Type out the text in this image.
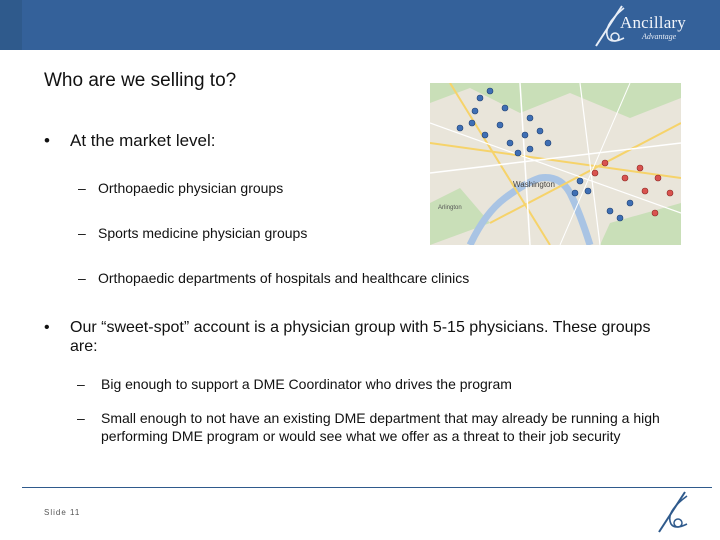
Ancillary
Advantage
Who are we selling to?
• At the market level:
– Orthopaedic physician groups
– Sports medicine physician groups
– Orthopaedic departments of hospitals and healthcare clinics
• Our “sweet-spot” account is a physician group with 5-15 physicians. These groups are:
– Big enough to support a DME Coordinator who drives the program
– Small enough to not have an existing DME department that may already be running a high performing DME program or would see what we offer as a threat to their job security
Washington
Arlington
Slide 11
